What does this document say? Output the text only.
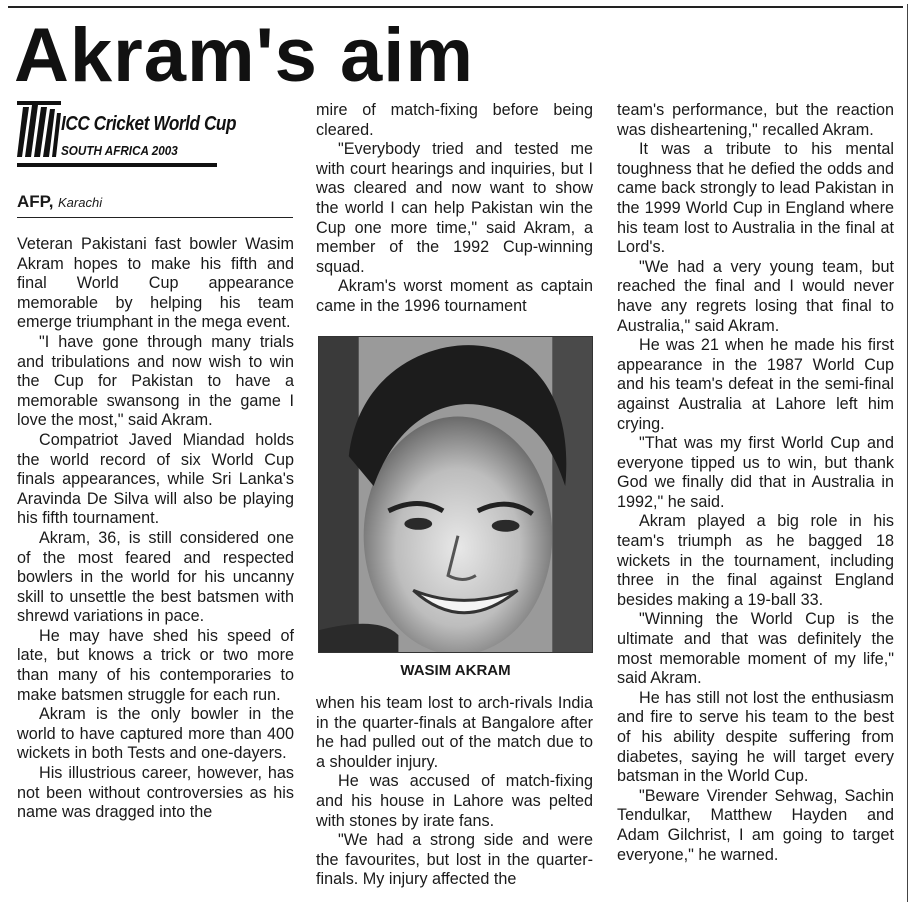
Akram's aim
ICC Cricket World Cup
SOUTH AFRICA 2003
AFP, Karachi

Veteran Pakistani fast bowler Wasim Akram hopes to make his fifth and final World Cup appearance memorable by helping his team emerge triumphant in the mega event.

"I have gone through many trials and tribulations and now wish to win the Cup for Pakistan to have a memorable swansong in the game I love the most," said Akram.

Compatriot Javed Miandad holds the world record of six World Cup finals appearances, while Sri Lanka's Aravinda De Silva will also be playing his fifth tournament.

Akram, 36, is still considered one of the most feared and respected bowlers in the world for his uncanny skill to unsettle the best batsmen with shrewd variations in pace.

He may have shed his speed of late, but knows a trick or two more than many of his contemporaries to make batsmen struggle for each run.

Akram is the only bowler in the world to have captured more than 400 wickets in both Tests and one-dayers.

His illustrious career, however, has not been without controversies as his name was dragged into the

mire of match-fixing before being cleared.

"Everybody tried and tested me with court hearings and inquiries, but I was cleared and now want to show the world I can help Pakistan win the Cup one more time," said Akram, a member of the 1992 Cup-winning squad.

Akram's worst moment as captain came in the 1996 tournament

WASIM AKRAM

when his team lost to arch-rivals India in the quarter-finals at Bangalore after he had pulled out of the match due to a shoulder injury.

He was accused of match-fixing and his house in Lahore was pelted with stones by irate fans.

"We had a strong side and were the favourites, but lost in the quarter-finals. My injury affected the

team's performance, but the reaction was disheartening," recalled Akram.

It was a tribute to his mental toughness that he defied the odds and came back strongly to lead Pakistan in the 1999 World Cup in England where his team lost to Australia in the final at Lord's.

"We had a very young team, but reached the final and I would never have any regrets losing that final to Australia," said Akram.

He was 21 when he made his first appearance in the 1987 World Cup and his team's defeat in the semi-final against Australia at Lahore left him crying.

"That was my first World Cup and everyone tipped us to win, but thank God we finally did that in Australia in 1992," he said.

Akram played a big role in his team's triumph as he bagged 18 wickets in the tournament, including three in the final against England besides making a 19-ball 33.

"Winning the World Cup is the ultimate and that was definitely the most memorable moment of my life," said Akram.

He has still not lost the enthusiasm and fire to serve his team to the best of his ability despite suffering from diabetes, saying he will target every batsman in the World Cup.

"Beware Virender Sehwag, Sachin Tendulkar, Matthew Hayden and Adam Gilchrist, I am going to target everyone," he warned.
